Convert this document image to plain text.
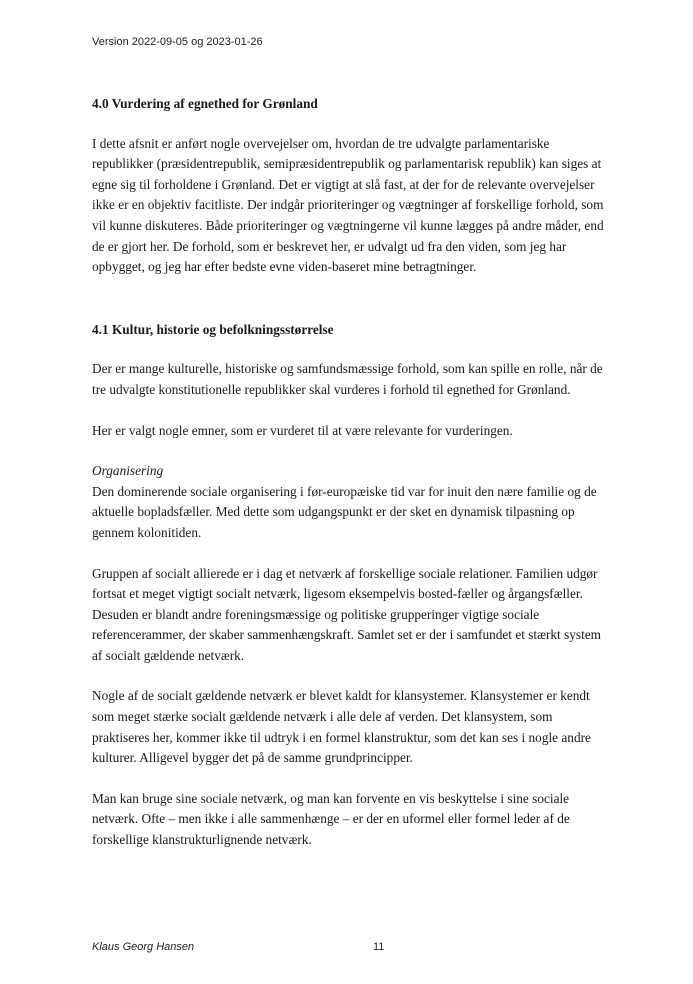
Version 2022-09-05 og 2023-01-26

4.0 Vurdering af egnethed for Grønland

I dette afsnit er anført nogle overvejelser om, hvordan de tre udvalgte parlamentariske republikker (præsidentrepublik, semipræsidentrepublik og parlamentarisk republik) kan siges at egne sig til forholdene i Grønland. Det er vigtigt at slå fast, at der for de relevante overvejelser ikke er en objektiv facitliste. Der indgår prioriteringer og vægtninger af forskellige forhold, som vil kunne diskuteres. Både prioriteringer og vægtningerne vil kunne lægges på andre måder, end de er gjort her. De forhold, som er beskrevet her, er udvalgt ud fra den viden, som jeg har opbygget, og jeg har efter bedste evne viden-baseret mine betragtninger.

4.1 Kultur, historie og befolkningsstørrelse

Der er mange kulturelle, historiske og samfundsmæssige forhold, som kan spille en rolle, når de tre udvalgte konstitutionelle republikker skal vurderes i forhold til egnethed for Grønland.

Her er valgt nogle emner, som er vurderet til at være relevante for vurderingen.

Organisering

Den dominerende sociale organisering i før-europæiske tid var for inuit den nære familie og de aktuelle bopladsfæller. Med dette som udgangspunkt er der sket en dynamisk tilpasning op gennem kolonitiden.

Gruppen af socialt allierede er i dag et netværk af forskellige sociale relationer. Familien udgør fortsat et meget vigtigt socialt netværk, ligesom eksempelvis bosted-fæller og årgangsfæller. Desuden er blandt andre foreningsmæssige og politiske grupperinger vigtige sociale referencerammer, der skaber sammenhængskraft. Samlet set er der i samfundet et stærkt system af socialt gældende netværk.

Nogle af de socialt gældende netværk er blevet kaldt for klansystemer. Klansystemer er kendt som meget stærke socialt gældende netværk i alle dele af verden. Det klansystem, som praktiseres her, kommer ikke til udtryk i en formel klanstruktur, som det kan ses i nogle andre kulturer. Alligevel bygger det på de samme grundprincipper.

Man kan bruge sine sociale netværk, og man kan forvente en vis beskyttelse i sine sociale netværk. Ofte – men ikke i alle sammenhænge – er der en uformel eller formel leder af de forskellige klanstrukturlignende netværk.

Klaus Georg Hansen	11
